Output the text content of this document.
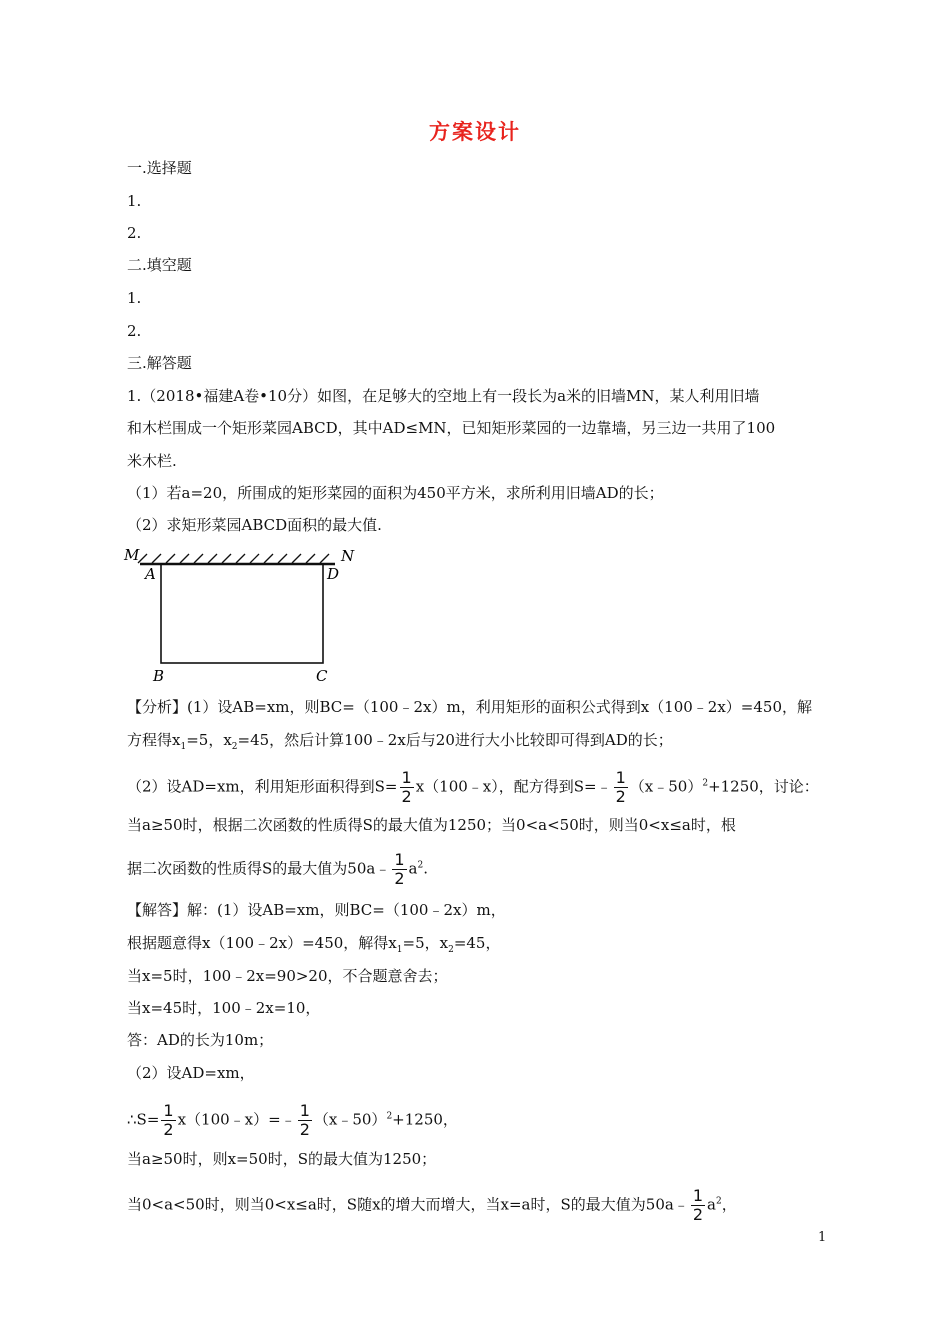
方案设计
一.选择题
1.
2.
二.填空题
1.
2.
三.解答题
1.（2018•福建A卷•10分）如图，在足够大的空地上有一段长为a米的旧墙MN，某人利用旧墙
和木栏围成一个矩形菜园ABCD，其中AD≤MN，已知矩形菜园的一边靠墙，另三边一共用了100
米木栏.
（1）若a=20，所围成的矩形菜园的面积为450平方米，求所利用旧墙AD的长；
（2）求矩形菜园ABCD面积的最大值.
M	N
A	D
B	C
【分析】(1）设AB=xm，则BC=（100﹣2x）m，利用矩形的面积公式得到x（100﹣2x）=450，解
方程得$x_1=5$，$x_2=45$，然后计算100﹣2x后与20进行大小比较即可得到AD的长；
（2）设AD=xm，利用矩形面积得到$S= \frac{1}{2}$ x（100﹣x），配方得到S=﹣ $\frac{1}{2}$ （x﹣50）$^2$+1250，讨论：
当a≥50时，根据二次函数的性质得S的最大值为1250；当0<a<50时，则当0<x≤a时，根
据二次函数的性质得S的最大值为50a﹣ $\frac{1}{2} a^2$.
【解答】解：(1）设AB=xm，则BC=（100﹣2x）m，
根据题意得x（100﹣2x）=450，解得$x_1=5$，$x_2=45$，
当x=5时，100﹣2x=90>20，不合题意舍去；
当x=45时，100﹣2x=10，
答：AD的长为10m；
（2）设AD=xm，
∴S= $\frac{1}{2}$ x（100﹣x）=﹣ $\frac{1}{2}$ （x﹣50）$^2$+1250，
当a≥50时，则x=50时，S的最大值为1250；
当0<a<50时，则当0<x≤a时，S随x的增大而增大，当x=a时，S的最大值为50a﹣ $\frac{1}{2} a^2$，
1
